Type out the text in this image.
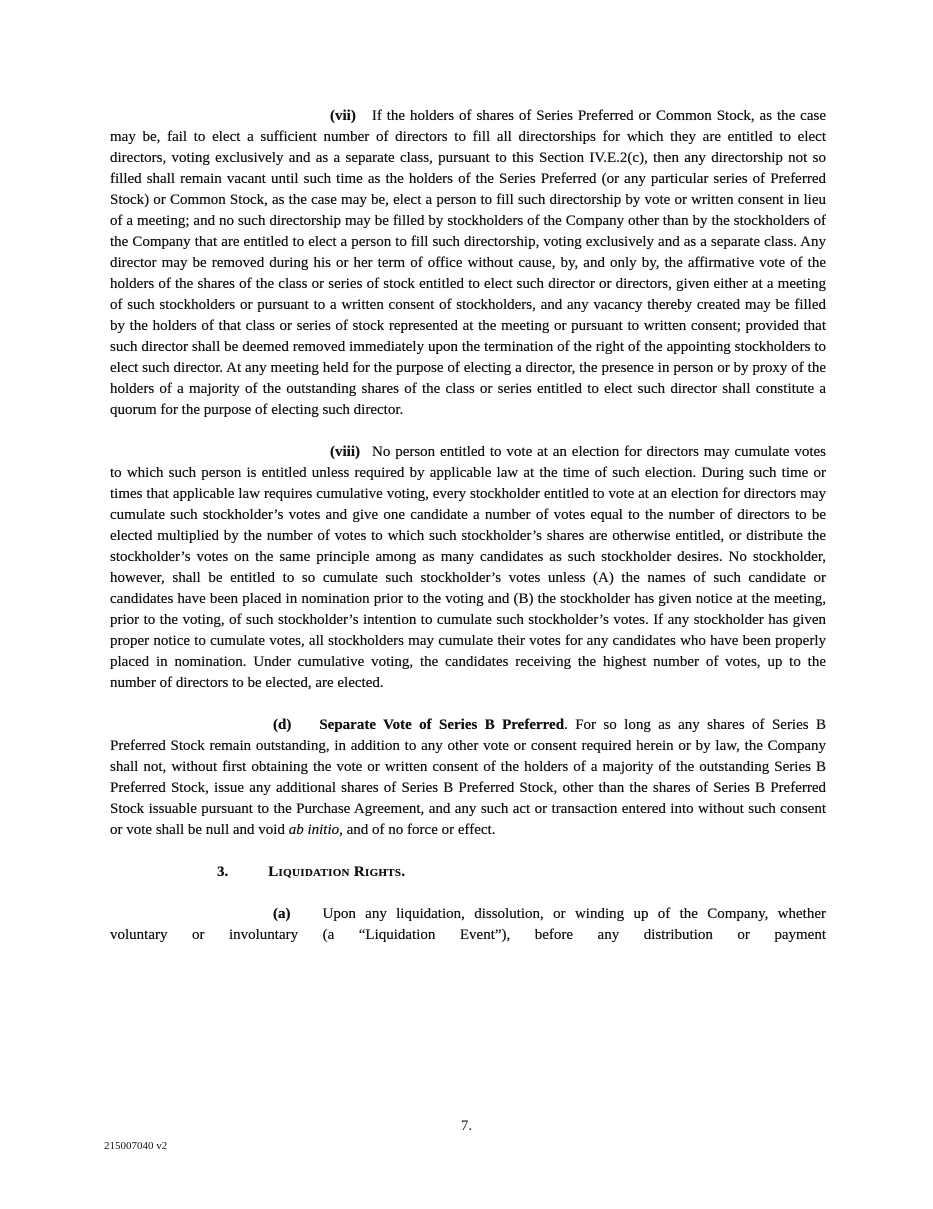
(vii) If the holders of shares of Series Preferred or Common Stock, as the case may be, fail to elect a sufficient number of directors to fill all directorships for which they are entitled to elect directors, voting exclusively and as a separate class, pursuant to this Section IV.E.2(c), then any directorship not so filled shall remain vacant until such time as the holders of the Series Preferred (or any particular series of Preferred Stock) or Common Stock, as the case may be, elect a person to fill such directorship by vote or written consent in lieu of a meeting; and no such directorship may be filled by stockholders of the Company other than by the stockholders of the Company that are entitled to elect a person to fill such directorship, voting exclusively and as a separate class. Any director may be removed during his or her term of office without cause, by, and only by, the affirmative vote of the holders of the shares of the class or series of stock entitled to elect such director or directors, given either at a meeting of such stockholders or pursuant to a written consent of stockholders, and any vacancy thereby created may be filled by the holders of that class or series of stock represented at the meeting or pursuant to written consent; provided that such director shall be deemed removed immediately upon the termination of the right of the appointing stockholders to elect such director. At any meeting held for the purpose of electing a director, the presence in person or by proxy of the holders of a majority of the outstanding shares of the class or series entitled to elect such director shall constitute a quorum for the purpose of electing such director.

(viii) No person entitled to vote at an election for directors may cumulate votes to which such person is entitled unless required by applicable law at the time of such election. During such time or times that applicable law requires cumulative voting, every stockholder entitled to vote at an election for directors may cumulate such stockholder’s votes and give one candidate a number of votes equal to the number of directors to be elected multiplied by the number of votes to which such stockholder’s shares are otherwise entitled, or distribute the stockholder’s votes on the same principle among as many candidates as such stockholder desires. No stockholder, however, shall be entitled to so cumulate such stockholder’s votes unless (A) the names of such candidate or candidates have been placed in nomination prior to the voting and (B) the stockholder has given notice at the meeting, prior to the voting, of such stockholder’s intention to cumulate such stockholder’s votes. If any stockholder has given proper notice to cumulate votes, all stockholders may cumulate their votes for any candidates who have been properly placed in nomination. Under cumulative voting, the candidates receiving the highest number of votes, up to the number of directors to be elected, are elected.

(d) Separate Vote of Series B Preferred. For so long as any shares of Series B Preferred Stock remain outstanding, in addition to any other vote or consent required herein or by law, the Company shall not, without first obtaining the vote or written consent of the holders of a majority of the outstanding Series B Preferred Stock, issue any additional shares of Series B Preferred Stock, other than the shares of Series B Preferred Stock issuable pursuant to the Purchase Agreement, and any such act or transaction entered into without such consent or vote shall be null and void ab initio, and of no force or effect.

3.	Liquidation Rights.

(a) Upon any liquidation, dissolution, or winding up of the Company, whether voluntary or involuntary (a “Liquidation Event”), before any distribution or payment

7.
215007040 v2
